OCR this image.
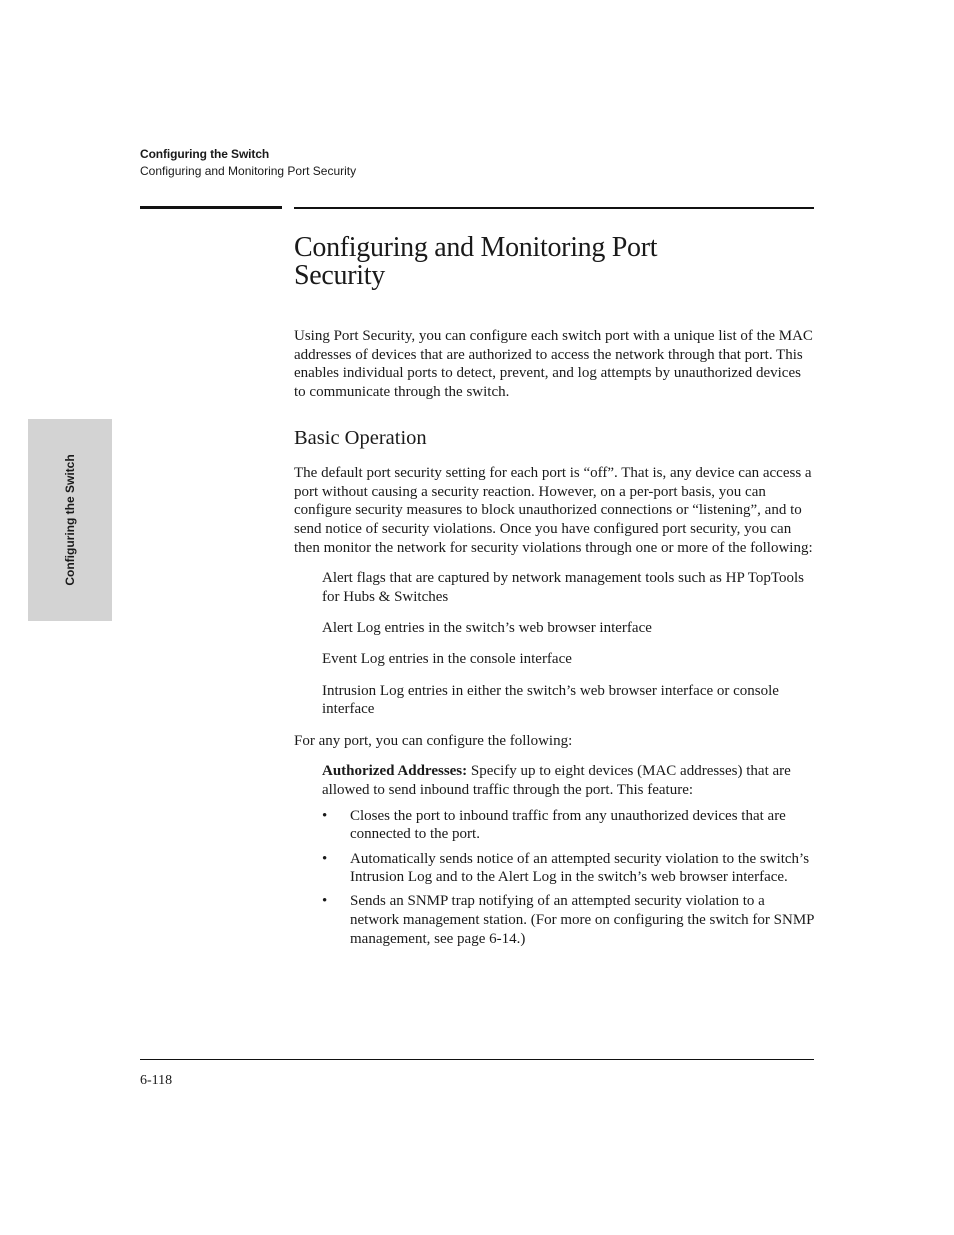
Configuring the Switch
Configuring and Monitoring Port Security
Configuring the Switch
Configuring and Monitoring Port Security

Using Port Security, you can configure each switch port with a unique list of the MAC addresses of devices that are authorized to access the network through that port. This enables individual ports to detect, prevent, and log attempts by unauthorized devices to communicate through the switch.

Basic Operation

The default port security setting for each port is “off”. That is, any device can access a port without causing a security reaction. However, on a per-port basis, you can configure security measures to block unauthorized connections or “listening”, and to send notice of security violations. Once you have configured port security, you can then monitor the network for security violations through one or more of the following:

Alert flags that are captured by network management tools such as HP TopTools for Hubs & Switches
Alert Log entries in the switch’s web browser interface
Event Log entries in the console interface
Intrusion Log entries in either the switch’s web browser interface or console interface

For any port, you can configure the following:

Authorized Addresses: Specify up to eight devices (MAC addresses) that are allowed to send inbound traffic through the port. This feature:

• Closes the port to inbound traffic from any unauthorized devices that are connected to the port.
• Automatically sends notice of an attempted security violation to the switch’s Intrusion Log and to the Alert Log in the switch’s web browser interface.
• Sends an SNMP trap notifying of an attempted security violation to a network management station. (For more on configuring the switch for SNMP management, see page 6-14.)
6-118
